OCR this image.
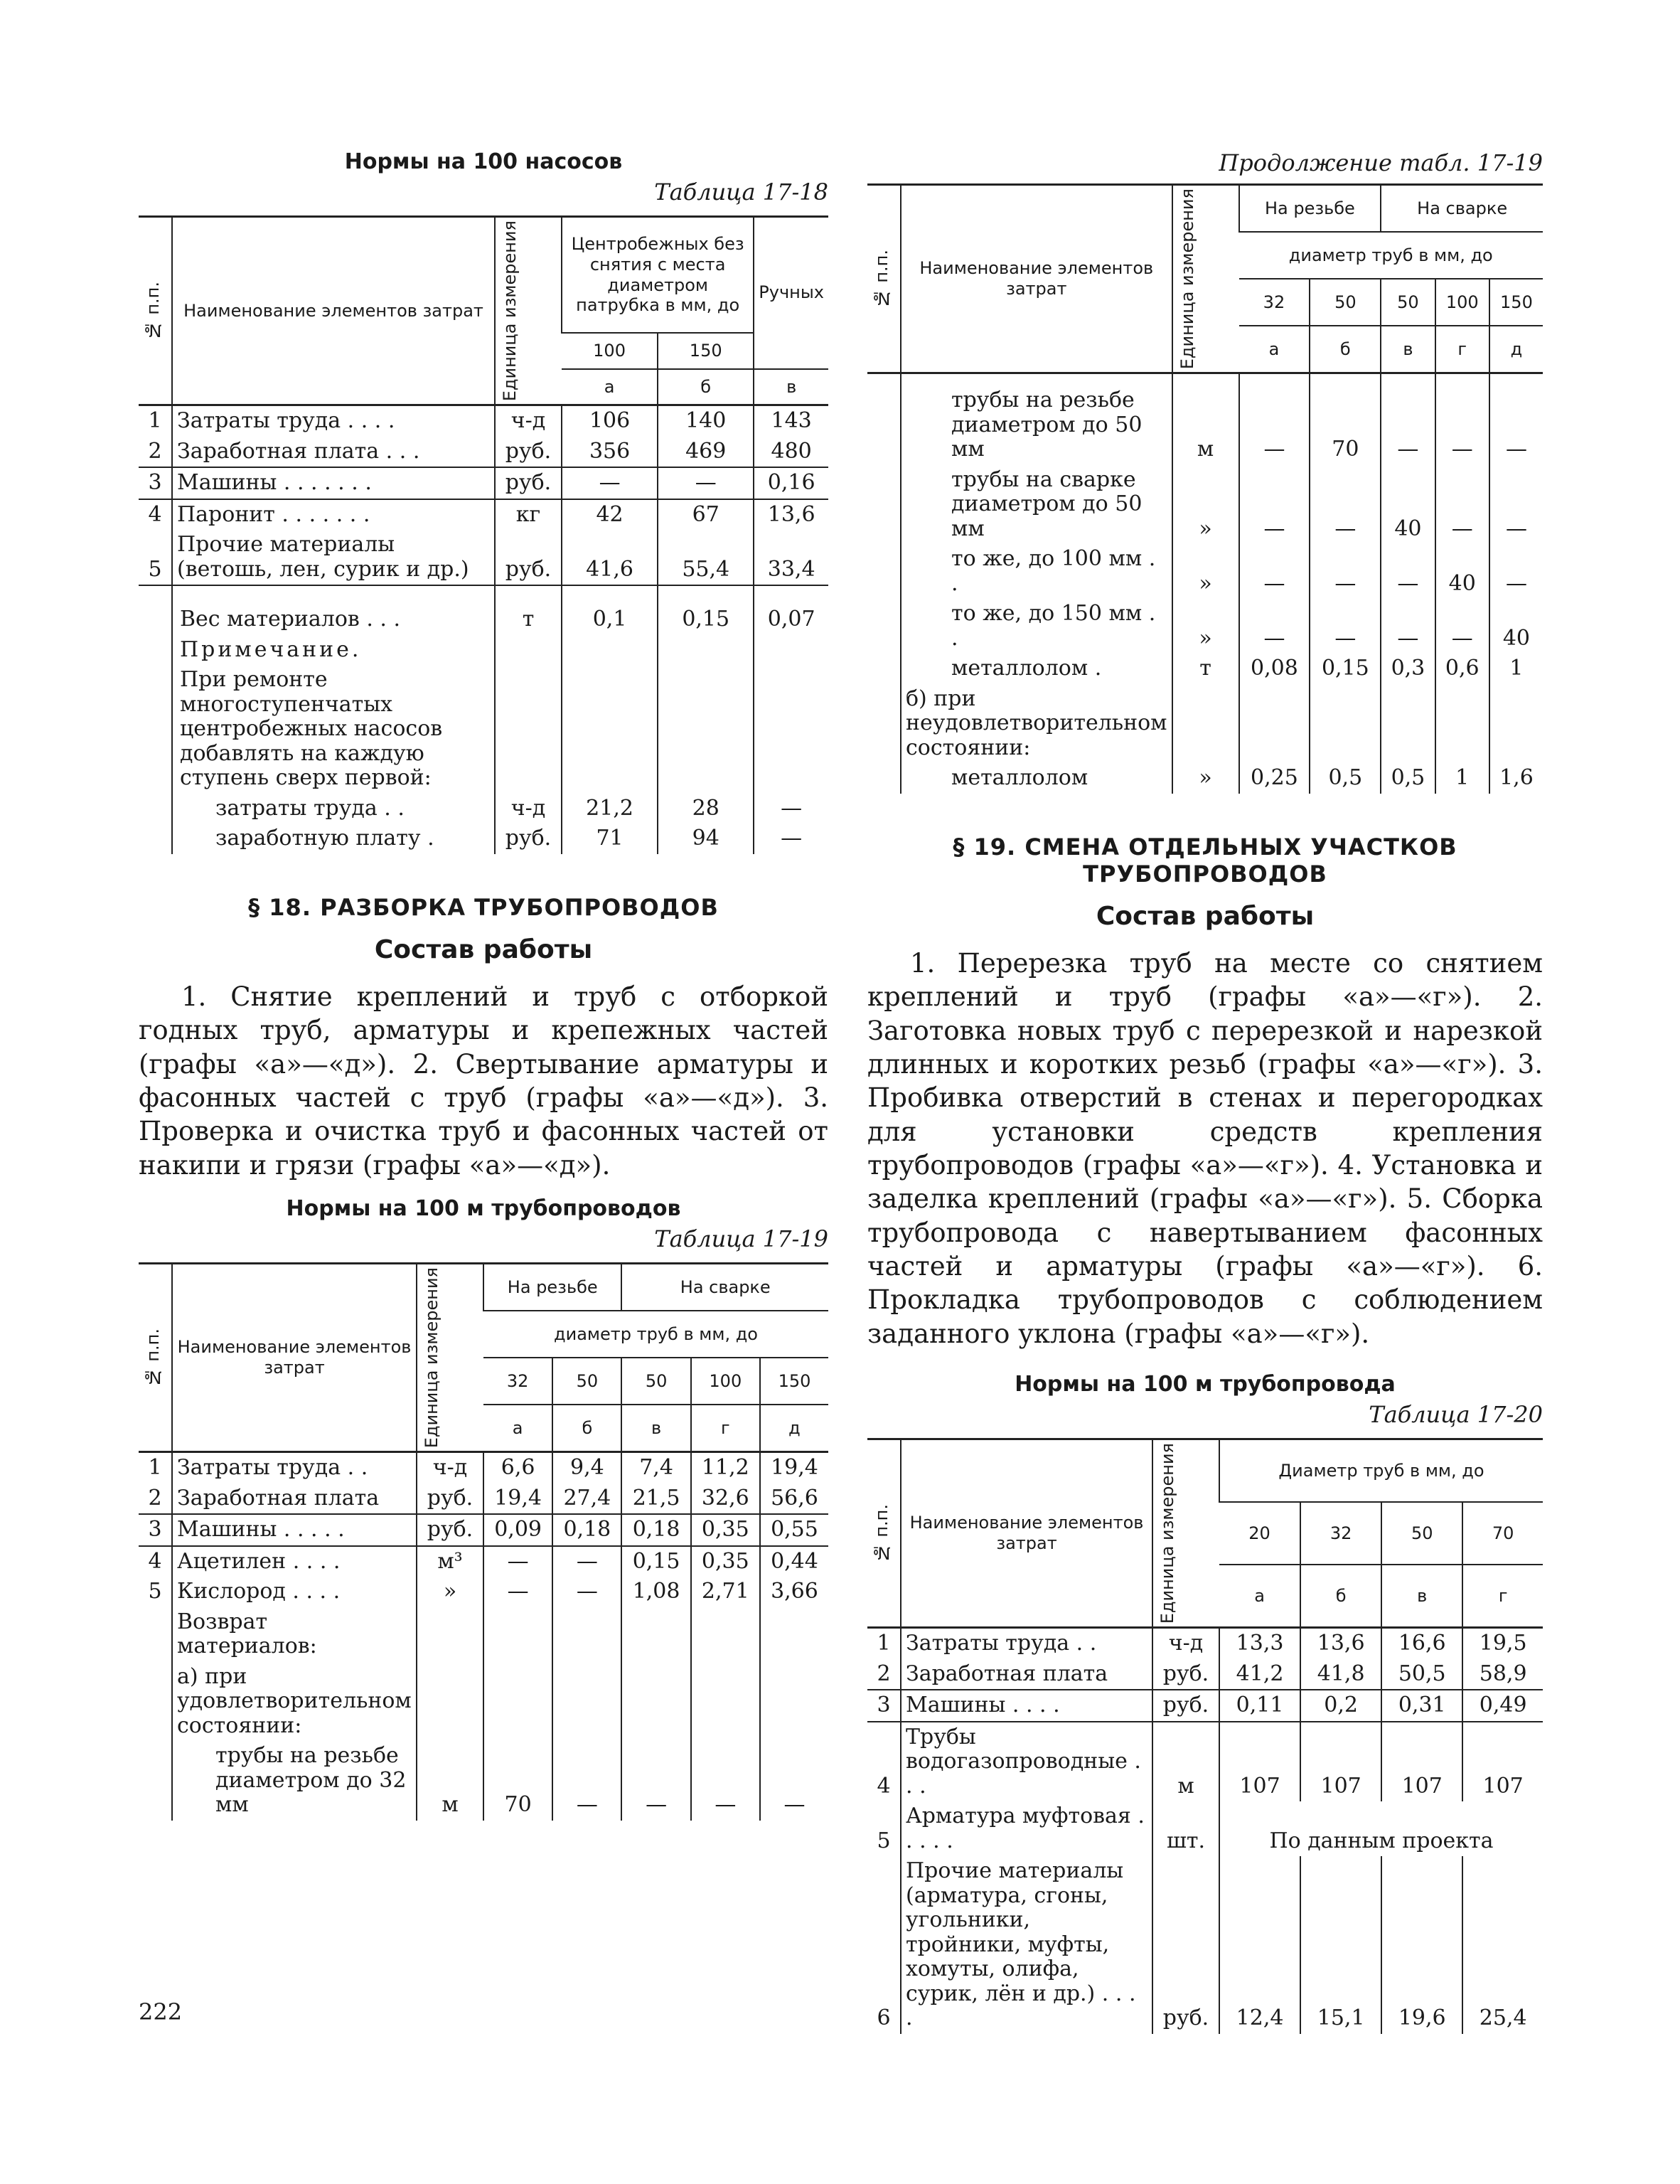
Нормы на 100 насосов
Таблица 17-18
№ п.п.	Наименование элементов затрат	Единица измерения	Центробежных без снятия с места диаметром патрубка в мм, до		Ручных
			100	150	
			а	б	в
1	Затраты труда . . . .	ч-д	106	140	143
2	Заработная плата . . .	руб.	356	469	480
3	Машины . . . . . . .	руб.	—	—	0,16
4	Паронит . . . . . . .	кг	42	67	13,6
5	Прочие материалы (ветошь, лен, сурик и др.)	руб.	41,6	55,4	33,4
	Вес материалов . . .	т	0,1	0,15	0,07
	Примечание.				
	При ремонте многоступенчатых центробежных насосов добавлять на каждую ступень сверх первой:				
	затраты труда . .	ч-д	21,2	28	—
	заработную плату .	руб.	71	94	—
§ 18. РАЗБОРКА ТРУБОПРОВОДОВ
Состав работы

1. Снятие креплений и труб с отборкой годных труб, арматуры и крепежных частей (графы «а»—«д»). 2. Свертывание арматуры и фасонных частей с труб (графы «а»—«д»). 3. Проверка и очистка труб и фасонных частей от накипи и грязи (графы «а»—«д»).

Нормы на 100 м трубопроводов
Таблица 17-19
№ п.п.	Наименование элементов затрат	Единица измерения	На резьбе		На сварке		
			диаметр труб в мм, до				
			32	50	50	100	150
			а	б	в	г	д
1	Затраты труда . .	ч-д	6,6	9,4	7,4	11,2	19,4
2	Заработная плата	руб.	19,4	27,4	21,5	32,6	56,6
3	Машины . . . . .	руб.	0,09	0,18	0,18	0,35	0,55
4	Ацетилен . . . .	м³	—	—	0,15	0,35	0,44
5	Кислород . . . .	»	—	—	1,08	2,71	3,66
	Возврат материалов:						
	а) при удовлетворительном состоянии:						
	трубы на резьбе диаметром до 32 мм	м	70	—	—	—	—
Продолжение табл. 17-19
№ п.п.	Наименование элементов затрат	Единица измерения	На резьбе		На сварке		
			диаметр труб в мм, до				
			32	50	50	100	150
			а	б	в	г	д
	трубы на резьбе диаметром до 50 мм	м	—	70	—	—	—
	трубы на сварке диаметром до 50 мм	»	—	—	40	—	—
	то же, до 100 мм . .	»	—	—	—	40	—
	то же, до 150 мм . .	»	—	—	—	—	40
	металлолом .	т	0,08	0,15	0,3	0,6	1
	б) при неудовлетворительном состоянии:						
	металлолом	»	0,25	0,5	0,5	1	1,6
§ 19. СМЕНА ОТДЕЛЬНЫХ УЧАСТКОВ ТРУБОПРОВОДОВ
Состав работы

1. Перерезка труб на месте со снятием креплений и труб (графы «а»—«г»). 2. Заготовка новых труб с перерезкой и нарезкой длинных и коротких резьб (графы «а»—«г»). 3. Пробивка отверстий в стенах и перегородках для установки средств крепления трубопроводов (графы «а»—«г»). 4. Установка и заделка креплений (графы «а»—«г»). 5. Сборка трубопровода с навертыванием фасонных частей и арматуры (графы «а»—«г»). 6. Прокладка трубопроводов с соблюдением заданного уклона (графы «а»—«г»).

Нормы на 100 м трубопровода
Таблица 17-20
№ п.п.	Наименование элементов затрат	Единица измерения	Диаметр труб в мм, до			
			20	32	50	70
			а	б	в	г
1	Затраты труда . .	ч-д	13,3	13,6	16,6	19,5
2	Заработная плата	руб.	41,2	41,8	50,5	58,9
3	Машины . . . .	руб.	0,11	0,2	0,31	0,49
4	Трубы водогазопроводные . . .	м	107	107	107	107
5	Арматура муфтовая . . . . .	шт.	По данным проекта			
6	Прочие материалы (арматура, сгоны, угольники, тройники, муфты, хомуты, олифа, сурик, лён и др.) . . . .	руб.	12,4	15,1	19,6	25,4
222
